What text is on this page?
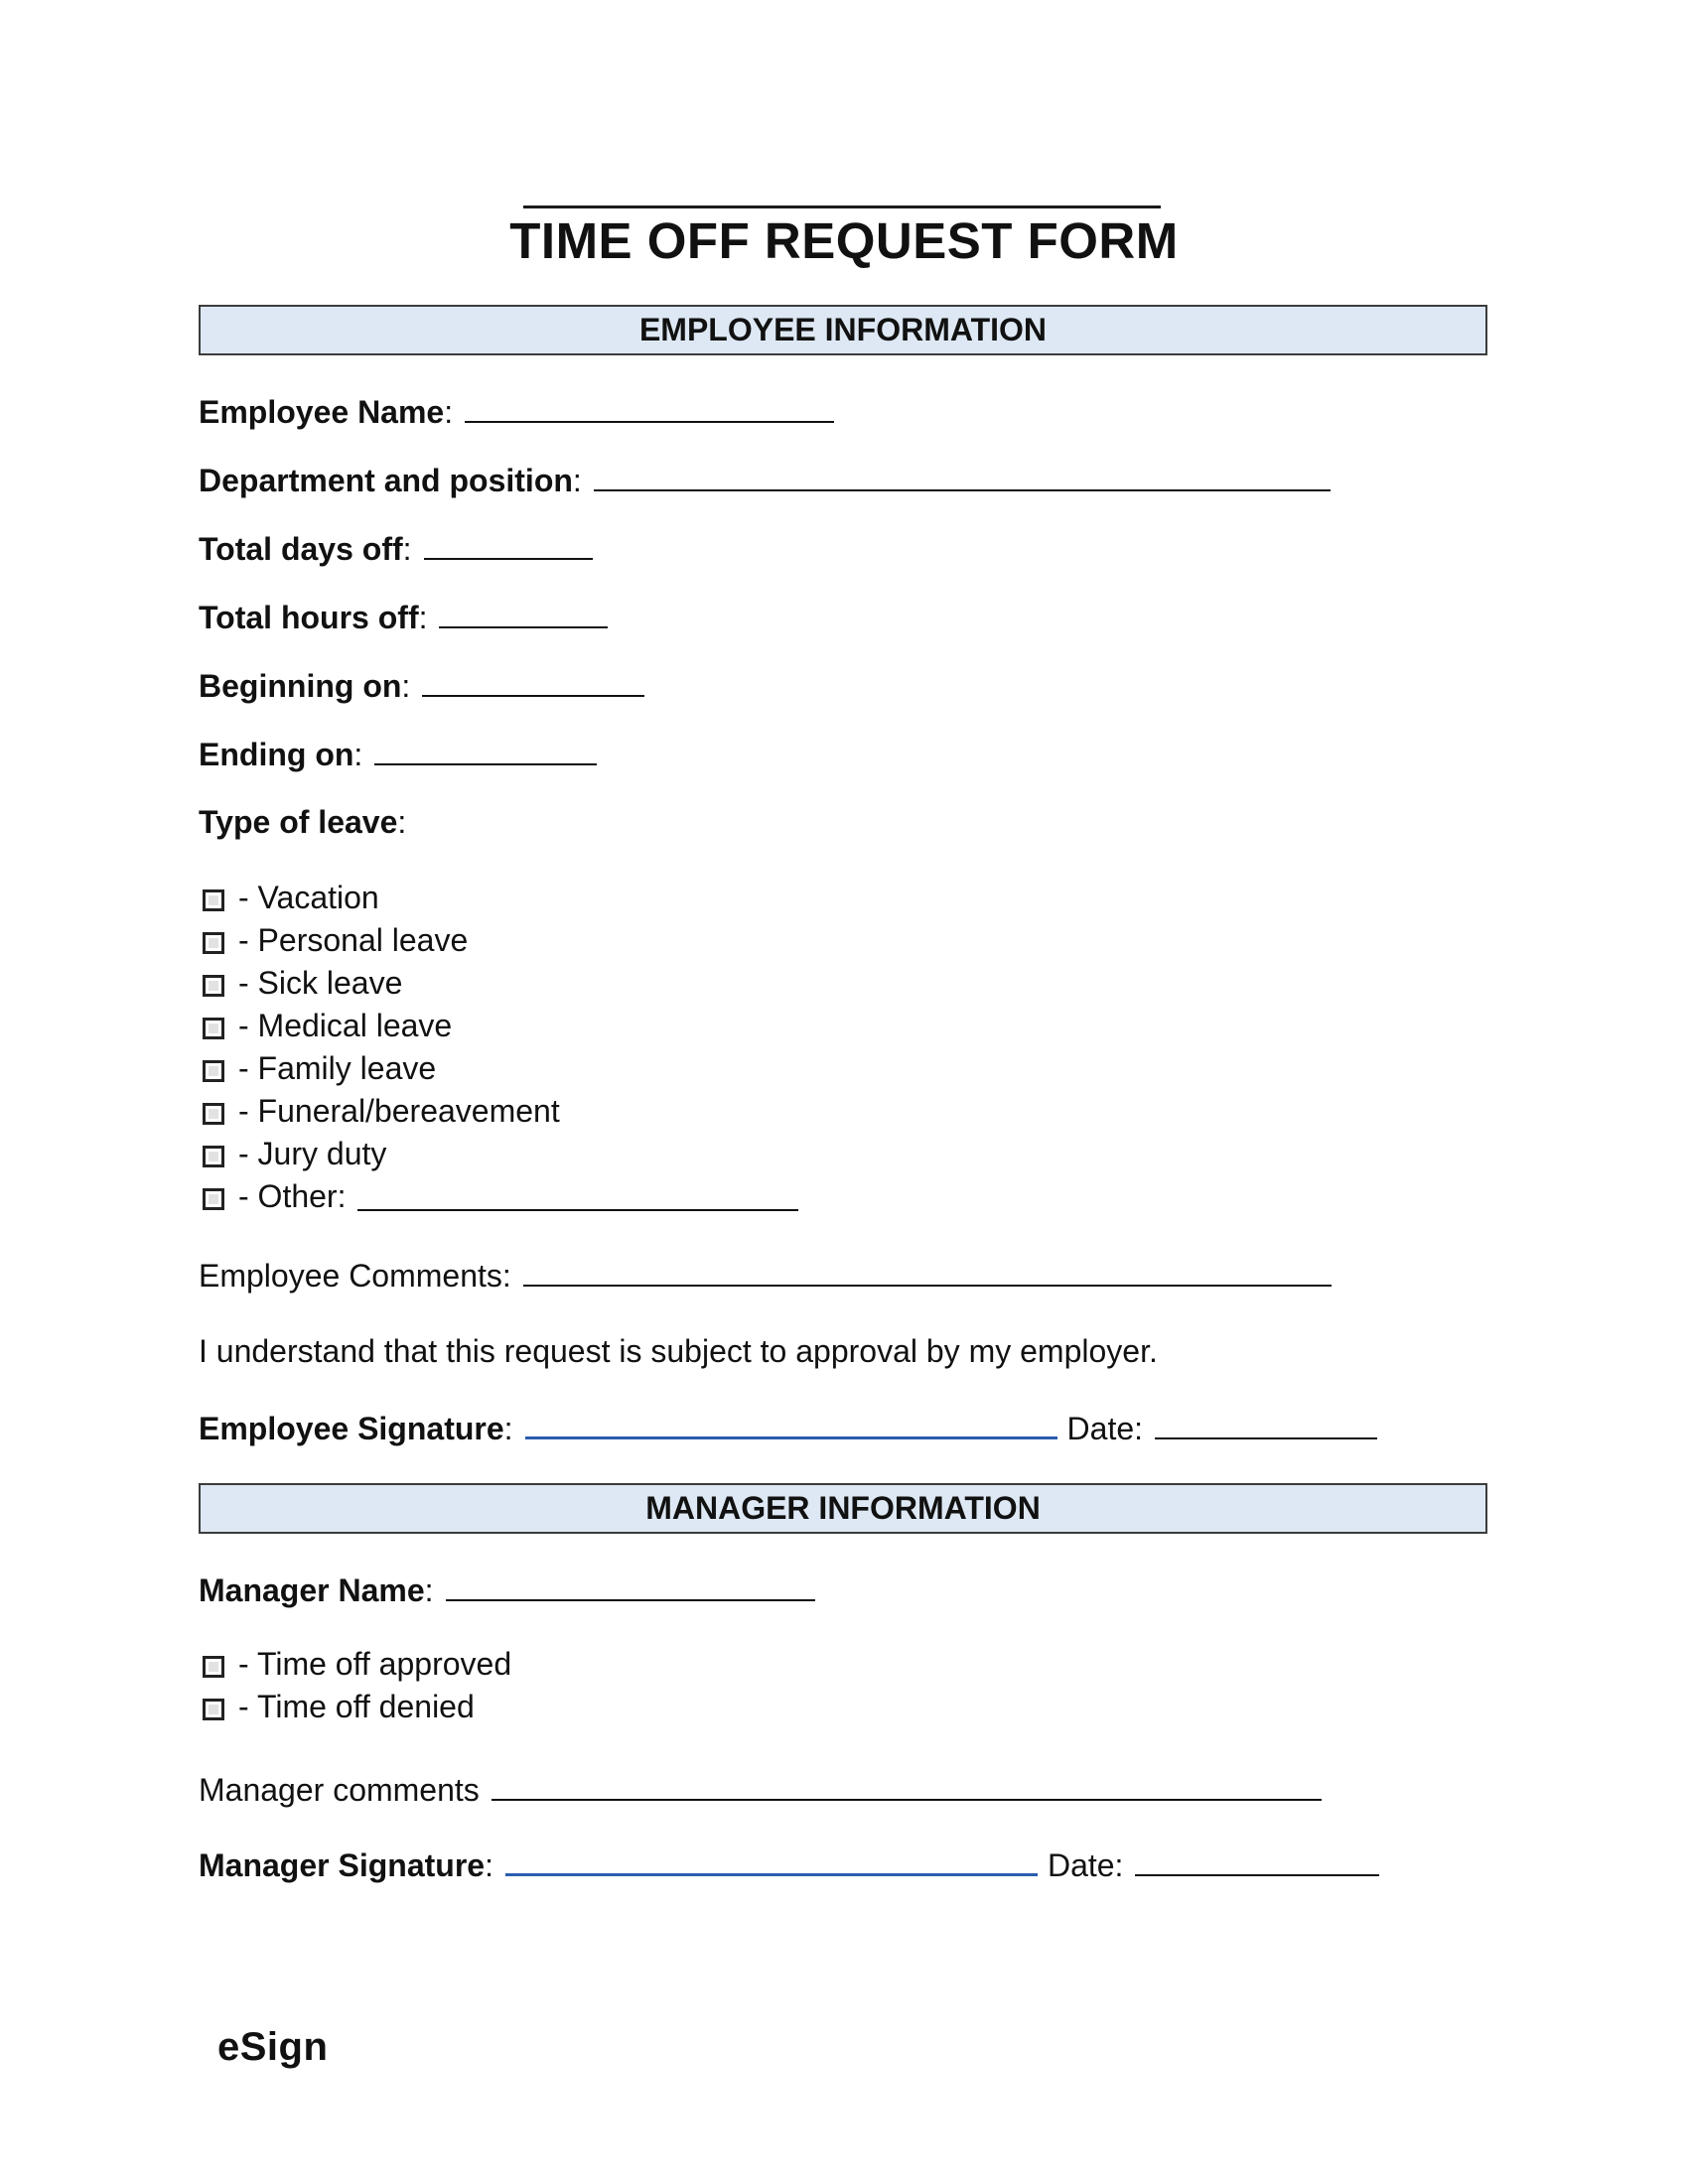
TIME OFF REQUEST FORM
EMPLOYEE INFORMATION
Employee Name :
Department and position :
Total days off :
Total hours off :
Beginning on :
Ending on :
Type of leave :
- Vacation
- Personal leave
- Sick leave
- Medical leave
- Family leave
- Funeral/bereavement
- Jury duty
- Other:
Employee Comments:
I understand that this request is subject to approval by my employer.
Employee Signature :	Date:
MANAGER INFORMATION
Manager Name :
- Time off approved
- Time off denied
Manager comments
Manager Signature :	Date:
eSign
